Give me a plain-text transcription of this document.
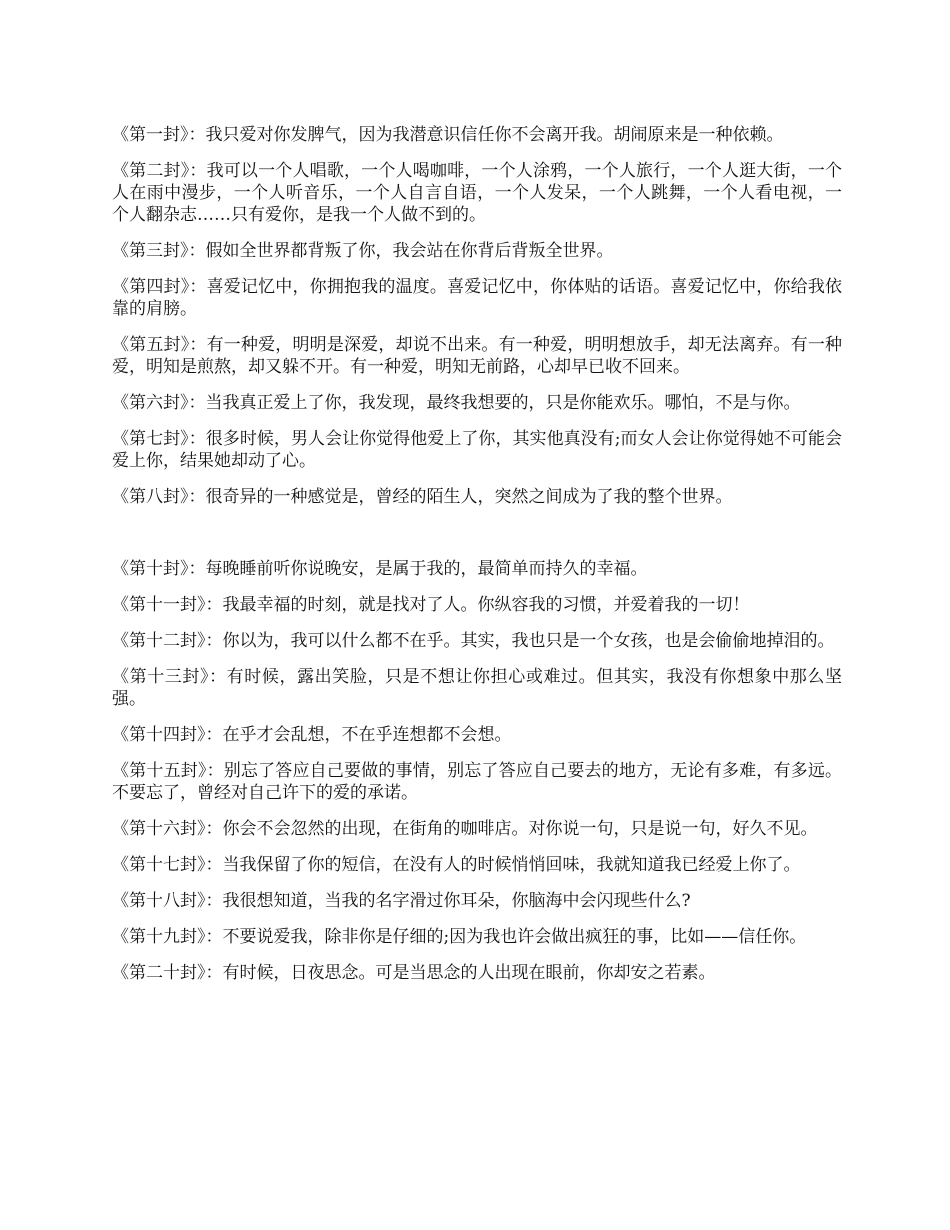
《第一封》：我只爱对你发脾气，因为我潜意识信任你不会离开我。胡闹原来是一种依赖。

《第二封》：我可以一个人唱歌，一个人喝咖啡，一个人涂鸦，一个人旅行，一个人逛大街，一个人在雨中漫步，一个人听音乐，一个人自言自语，一个人发呆，一个人跳舞，一个人看电视，一个人翻杂志……只有爱你，是我一个人做不到的。

《第三封》：假如全世界都背叛了你，我会站在你背后背叛全世界。

《第四封》：喜爱记忆中，你拥抱我的温度。喜爱记忆中，你体贴的话语。喜爱记忆中，你给我依靠的肩膀。

《第五封》：有一种爱，明明是深爱，却说不出来。有一种爱，明明想放手，却无法离弃。有一种爱，明知是煎熬，却又躲不开。有一种爱，明知无前路，心却早已收不回来。

《第六封》：当我真正爱上了你，我发现，最终我想要的，只是你能欢乐。哪怕，不是与你。

《第七封》：很多时候，男人会让你觉得他爱上了你，其实他真没有;而女人会让你觉得她不可能会爱上你，结果她却动了心。

《第八封》：很奇异的一种感觉是，曾经的陌生人，突然之间成为了我的整个世界。

《第十封》：每晚睡前听你说晚安，是属于我的，最简单而持久的幸福。

《第十一封》：我最幸福的时刻，就是找对了人。你纵容我的习惯，并爱着我的一切！

《第十二封》：你以为，我可以什么都不在乎。其实，我也只是一个女孩，也是会偷偷地掉泪的。

《第十三封》：有时候，露出笑脸，只是不想让你担心或难过。但其实，我没有你想象中那么坚强。

《第十四封》：在乎才会乱想，不在乎连想都不会想。

《第十五封》：别忘了答应自己要做的事情，别忘了答应自己要去的地方，无论有多难，有多远。不要忘了，曾经对自己许下的爱的承诺。

《第十六封》：你会不会忽然的出现，在街角的咖啡店。对你说一句，只是说一句，好久不见。

《第十七封》：当我保留了你的短信，在没有人的时候悄悄回味，我就知道我已经爱上你了。

《第十八封》：我很想知道，当我的名字滑过你耳朵，你脑海中会闪现些什么?

《第十九封》：不要说爱我，除非你是仔细的;因为我也许会做出疯狂的事，比如——信任你。

《第二十封》：有时候，日夜思念。可是当思念的人出现在眼前，你却安之若素。
